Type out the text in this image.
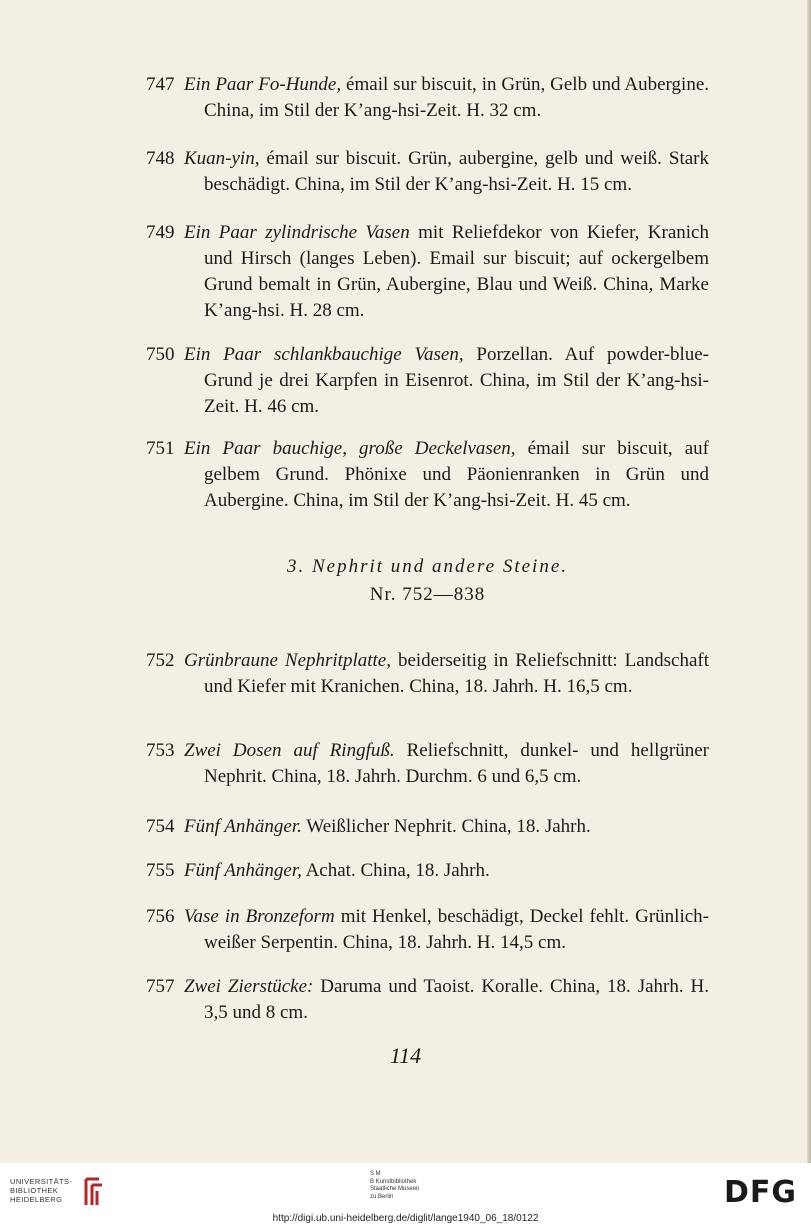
747 Ein Paar Fo-Hunde, émail sur biscuit, in Grün, Gelb und Aubergine. China, im Stil der K’ang-hsi-Zeit. H. 32 cm.
748 Kuan-yin, émail sur biscuit. Grün, aubergine, gelb und weiß. Stark beschädigt. China, im Stil der K’ang-hsi-Zeit. H. 15 cm.
749 Ein Paar zylindrische Vasen mit Reliefdekor von Kiefer, Kranich und Hirsch (langes Leben). Email sur biscuit; auf ockergelbem Grund bemalt in Grün, Aubergine, Blau und Weiß. China, Marke K’ang-hsi. H. 28 cm.
750 Ein Paar schlankbauchige Vasen, Porzellan. Auf powder-blue-Grund je drei Karpfen in Eisenrot. China, im Stil der K’ang-hsi-Zeit. H. 46 cm.
751 Ein Paar bauchige, große Deckelvasen, émail sur biscuit, auf gelbem Grund. Phönixe und Päonienranken in Grün und Aubergine. China, im Stil der K’ang-hsi-Zeit. H. 45 cm.
3. Nephrit und andere Steine.
Nr. 752—838
752 Grünbraune Nephritplatte, beiderseitig in Reliefschnitt: Landschaft und Kiefer mit Kranichen. China, 18. Jahrh. H. 16,5 cm.
753 Zwei Dosen auf Ringfuß. Reliefschnitt, dunkel- und hellgrüner Nephrit. China, 18. Jahrh. Durchm. 6 und 6,5 cm.
754 Fünf Anhänger. Weißlicher Nephrit. China, 18. Jahrh.
755 Fünf Anhänger, Achat. China, 18. Jahrh.
756 Vase in Bronzeform mit Henkel, beschädigt, Deckel fehlt. Grünlich-weißer Serpentin. China, 18. Jahrh. H. 14,5 cm.
757 Zwei Zierstücke: Daruma und Taoist. Koralle. China, 18. Jahrh. H. 3,5 und 8 cm.
114
UNIVERSITÄTS-
BIBLIOTHEK
HEIDELBERG
S M
B Kunstbibliothek
Staatliche Museen
zu Berlin	DFG
http://digi.ub.uni-heidelberg.de/diglit/lange1940_06_18/0122
